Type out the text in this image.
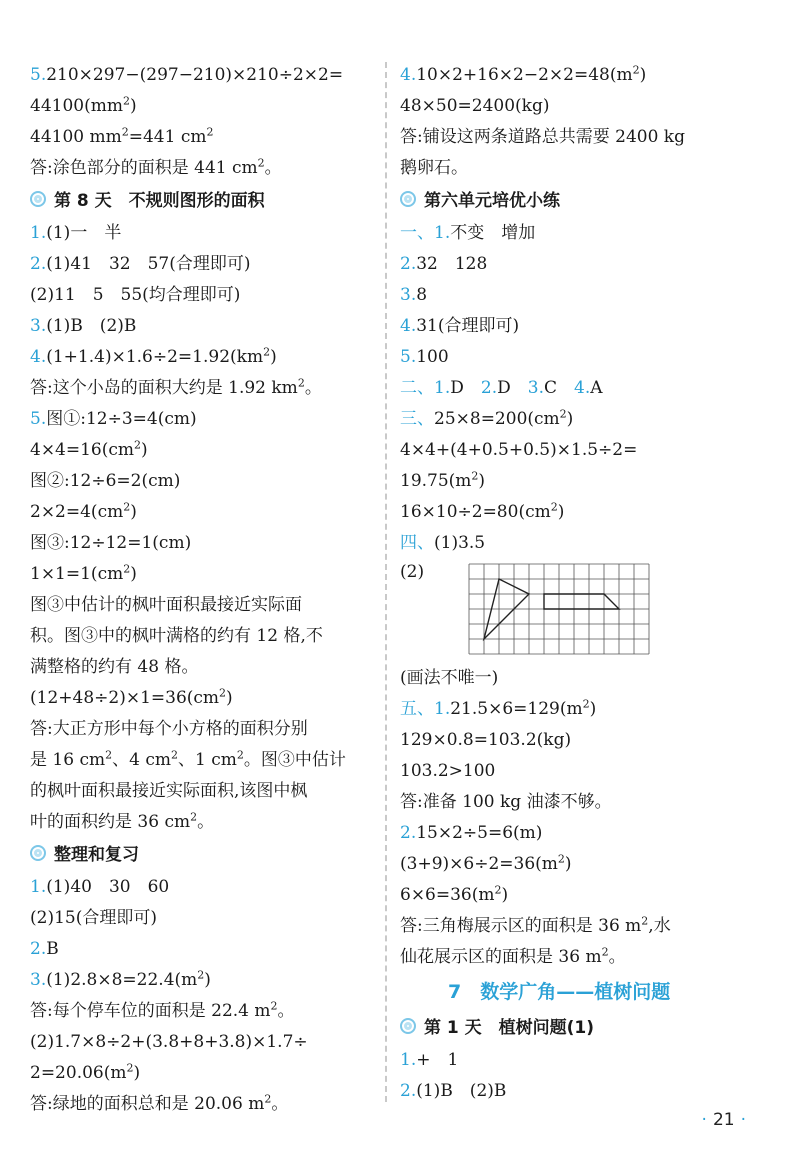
5.210×297−(297−210)×210÷2×2=
$44100(mm^2)$
44100 $mm^2=441$ $cm^2$
答:涂色部分的面积是 441 $cm^2$。
第 8 天　不规则图形的面积
1.(1)一　半
2.(1)41　32　57(合理即可)
(2)11　5　55(均合理即可)
3.(1)B　(2)B
$4.(1+1.4)\times 1.6\div 2=1.92(km^2)$
答:这个小岛的面积大约是 1.92 $km^2$。
5.图①:12÷3=4(cm)
$4\times 4=16(cm^2)$
图②:12÷6=2(cm)
$2\times 2=4(cm^2)$
图③:12÷12=1(cm)
$1\times 1=1(cm^2)$
图③中估计的枫叶面积最接近实际面
积。图③中的枫叶满格的约有 12 格,不
满整格的约有 48 格。
$(12+48\div 2)\times 1=36(cm^2)$
答:大正方形中每个小方格的面积分别
是 16 $cm^2$、4 $cm^2$、1 $cm^2$。图③中估计
的枫叶面积最接近实际面积,该图中枫
叶的面积约是 36 $cm^2$。
整理和复习
1.(1)40　30　60
(2)15(合理即可)
2.B
$3.(1)2.8\times 8=22.4(m^2)$
答:每个停车位的面积是 22.4 $m^2$。
(2)1.7×8÷2+(3.8+8+3.8)×1.7÷
$2=20.06(m^2)$
答:绿地的面积总和是 20.06 $m^2$。
$4.10\times 2+16\times 2-2\times 2=48(m^2)$
48×50=2400(kg)
答:铺设这两条道路总共需要 2400 kg
鹅卵石。
第六单元培优小练
一、1.不变　增加
2.32　128
3.8
4.31(合理即可)
5.100
二、1.D　2.D　3.C　4.A
三、$25\times 8=200(cm^2)$
4×4+(4+0.5+0.5)×1.5÷2=
$19.75(m^2)$
$16\times 10\div 2=80(cm^2)$
四、(1)3.5
(2)
(画法不唯一)
五、$1.21.5\times 6=129(m^2)$
129×0.8=103.2(kg)
103.2>100
答:准备 100 kg 油漆不够。
2.15×2÷5=6(m)
$(3+9)\times 6\div 2=36(m^2)$
$6\times 6=36(m^2)$
答:三角梅展示区的面积是 36 $m^2$,水
仙花展示区的面积是 36 $m^2$。
7　数学广角——植树问题
第 1 天　植树问题(1)
1.+　1
2.(1)B　(2)B
· 21 ·
